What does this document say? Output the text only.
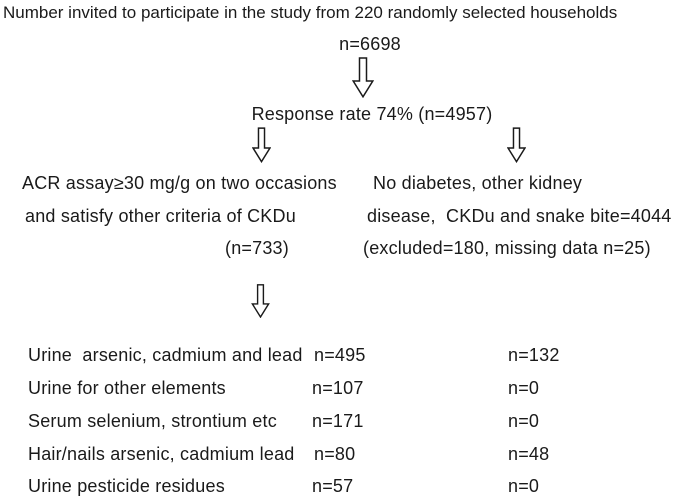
Number invited to participate in the study from 220 randomly selected households
n=6698
Response rate 74% (n=4957)
ACR assay≥30 mg/g on two occasions
and satisfy other criteria of CKDu
(n=733)
No diabetes, other kidney
disease,  CKDu and snake bite=4044
(excluded=180, missing data n=25)
Urine  arsenic, cadmium and lead n=495	n=132
Urine for other elements	n=107	n=0
Serum selenium, strontium etc n=171	n=0
Hair/nails arsenic, cadmium lead n=80	n=48
Urine pesticide residues	n=57	n=0
